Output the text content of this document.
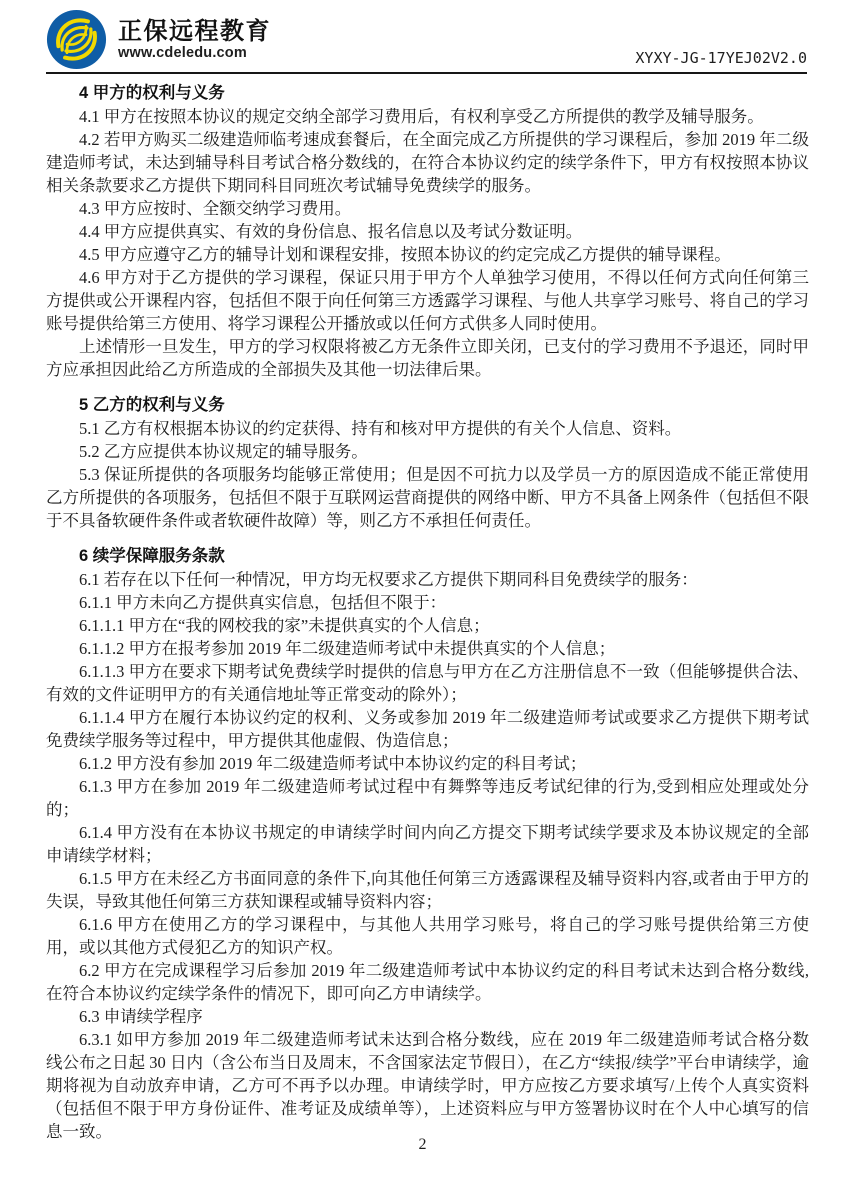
正保远程教育
www.cdeledu.com	XYXY-JG-17YEJ02V2.0
4 甲方的权利与义务

4.1 甲方在按照本协议的规定交纳全部学习费用后，有权利享受乙方所提供的教学及辅导服务。

4.2 若甲方购买二级建造师临考速成套餐后，在全面完成乙方所提供的学习课程后，参加 2019 年二级建造师考试，未达到辅导科目考试合格分数线的，在符合本协议约定的续学条件下，甲方有权按照本协议相关条款要求乙方提供下期同科目同班次考试辅导免费续学的服务。

4.3 甲方应按时、全额交纳学习费用。

4.4 甲方应提供真实、有效的身份信息、报名信息以及考试分数证明。

4.5 甲方应遵守乙方的辅导计划和课程安排，按照本协议的约定完成乙方提供的辅导课程。

4.6 甲方对于乙方提供的学习课程，保证只用于甲方个人单独学习使用，不得以任何方式向任何第三方提供或公开课程内容，包括但不限于向任何第三方透露学习课程、与他人共享学习账号、将自己的学习账号提供给第三方使用、将学习课程公开播放或以任何方式供多人同时使用。

上述情形一旦发生，甲方的学习权限将被乙方无条件立即关闭，已支付的学习费用不予退还，同时甲方应承担因此给乙方所造成的全部损失及其他一切法律后果。

5 乙方的权利与义务

5.1 乙方有权根据本协议的约定获得、持有和核对甲方提供的有关个人信息、资料。

5.2 乙方应提供本协议规定的辅导服务。

5.3 保证所提供的各项服务均能够正常使用；但是因不可抗力以及学员一方的原因造成不能正常使用乙方所提供的各项服务，包括但不限于互联网运营商提供的网络中断、甲方不具备上网条件（包括但不限于不具备软硬件条件或者软硬件故障）等，则乙方不承担任何责任。

6 续学保障服务条款

6.1 若存在以下任何一种情况，甲方均无权要求乙方提供下期同科目免费续学的服务：

6.1.1 甲方未向乙方提供真实信息，包括但不限于：

6.1.1.1 甲方在“我的网校我的家”未提供真实的个人信息；

6.1.1.2 甲方在报考参加 2019 年二级建造师考试中未提供真实的个人信息；

6.1.1.3 甲方在要求下期考试免费续学时提供的信息与甲方在乙方注册信息不一致（但能够提供合法、有效的文件证明甲方的有关通信地址等正常变动的除外）；

6.1.1.4 甲方在履行本协议约定的权利、义务或参加 2019 年二级建造师考试或要求乙方提供下期考试免费续学服务等过程中，甲方提供其他虚假、伪造信息；

6.1.2 甲方没有参加 2019 年二级建造师考试中本协议约定的科目考试；

6.1.3 甲方在参加 2019 年二级建造师考试过程中有舞弊等违反考试纪律的行为,受到相应处理或处分的；

6.1.4 甲方没有在本协议书规定的申请续学时间内向乙方提交下期考试续学要求及本协议规定的全部申请续学材料；

6.1.5 甲方在未经乙方书面同意的条件下,向其他任何第三方透露课程及辅导资料内容,或者由于甲方的失误，导致其他任何第三方获知课程或辅导资料内容；

6.1.6 甲方在使用乙方的学习课程中，与其他人共用学习账号，将自己的学习账号提供给第三方使用，或以其他方式侵犯乙方的知识产权。

6.2 甲方在完成课程学习后参加 2019 年二级建造师考试中本协议约定的科目考试未达到合格分数线,在符合本协议约定续学条件的情况下，即可向乙方申请续学。

6.3 申请续学程序

6.3.1 如甲方参加 2019 年二级建造师考试未达到合格分数线，应在 2019 年二级建造师考试合格分数线公布之日起 30 日内（含公布当日及周末，不含国家法定节假日），在乙方“续报/续学”平台申请续学，逾期将视为自动放弃申请，乙方可不再予以办理。申请续学时，甲方应按乙方要求填写/上传个人真实资料（包括但不限于甲方身份证件、准考证及成绩单等），上述资料应与甲方签署协议时在个人中心填写的信息一致。

2
